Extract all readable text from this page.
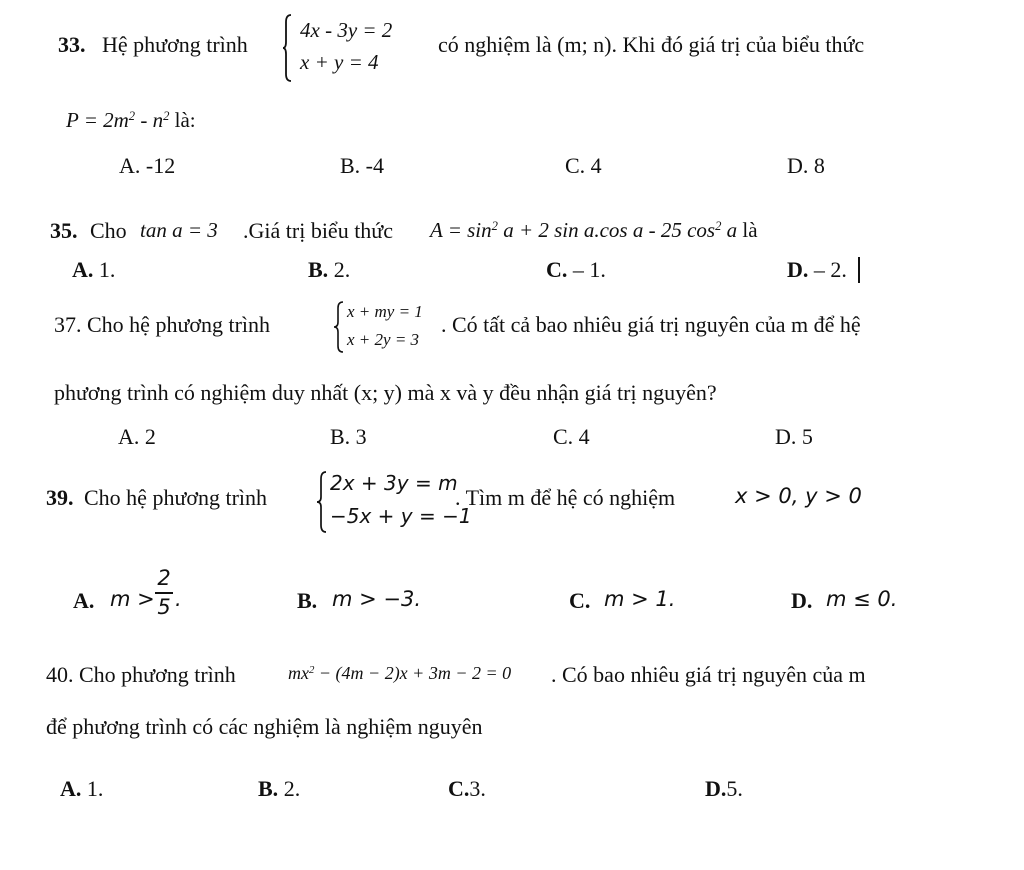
33. Hệ phương trình
4x - 3y = 2
x + y = 4
có nghiệm là (m; n). Khi đó giá trị của biểu thức
$P = 2m^2 - n^2$ là:
A. -12	B. -4	C. 4	D. 8
35. Cho tan a = 3 .Giá trị biểu thức $A = \sin^2 a + 2$ sin a.cos a - 25 $\cos^2 a$ là
A. 1.	B. 2.	C. – 1.	D. – 2.
37. Cho hệ phương trình
x + my = 1
x + 2y = 3
. Có tất cả bao nhiêu giá trị nguyên của m để hệ
phương trình có nghiệm duy nhất (x; y) mà x và y đều nhận giá trị nguyên?
A. 2	B. 3	C. 4	D. 5
39. Cho hệ phương trình
2x + 3y = m
−5x + y = −1
. Tìm m để hệ có nghiệm	x > 0, y > 0
A. m >
2
5 .	B. m > −3.	C. m > 1.	D. m ≤ 0.
40. Cho phương trình	$mx^2 - (4m - 2)x + 3m - 2 = 0$ . Có bao nhiêu giá trị nguyên của m
để phương trình có các nghiệm là nghiệm nguyên
A. 1.	B. 2.	C.3.	D.5.
